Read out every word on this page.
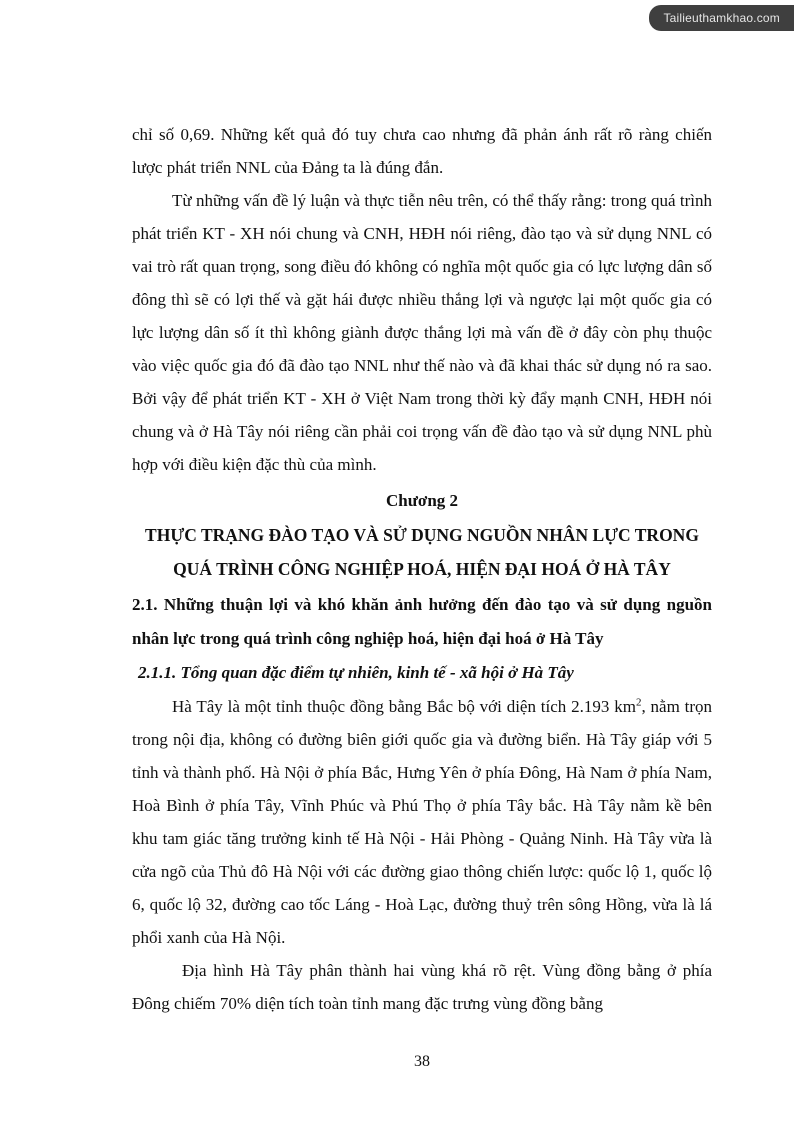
Tailieuthamkhao.com

chỉ số 0,69. Những kết quả đó tuy chưa cao nhưng đã phản ánh rất rõ ràng chiến lược phát triển NNL của Đảng ta là đúng đắn.

Từ những vấn đề lý luận và thực tiễn nêu trên, có thể thấy rằng: trong quá trình phát triển KT - XH nói chung và CNH, HĐH nói riêng, đào tạo và sử dụng NNL có vai trò rất quan trọng, song điều đó không có nghĩa một quốc gia có lực lượng dân số đông thì sẽ có lợi thế và gặt hái được nhiều thắng lợi và ngược lại một quốc gia có lực lượng dân số ít thì không giành được thắng lợi mà vấn đề ở đây còn phụ thuộc vào việc quốc gia đó đã đào tạo NNL như thế nào và đã khai thác sử dụng nó ra sao. Bởi vậy để phát triển KT - XH ở Việt Nam trong thời kỳ đẩy mạnh CNH, HĐH nói chung và ở Hà Tây nói riêng cần phải coi trọng vấn đề đào tạo và sử dụng NNL phù hợp với điều kiện đặc thù của mình.

Chương 2
THỰC TRẠNG ĐÀO TẠO VÀ SỬ DỤNG NGUỒN NHÂN LỰC TRONG QUÁ TRÌNH CÔNG NGHIỆP HOÁ, HIỆN ĐẠI HOÁ Ở HÀ TÂY
2.1. Những thuận lợi và khó khăn ảnh hưởng đến đào tạo và sử dụng nguồn nhân lực trong quá trình công nghiệp hoá, hiện đại hoá ở Hà Tây
2.1.1. Tổng quan đặc điểm tự nhiên, kinh tế - xã hội ở Hà Tây

Hà Tây là một tỉnh thuộc đồng bằng Bắc bộ với diện tích 2.193 $km^2$, nằm trọn trong nội địa, không có đường biên giới quốc gia và đường biển. Hà Tây giáp với 5 tỉnh và thành phố. Hà Nội ở phía Bắc, Hưng Yên ở phía Đông, Hà Nam ở phía Nam, Hoà Bình ở phía Tây, Vĩnh Phúc và Phú Thọ ở phía Tây bắc. Hà Tây nằm kề bên khu tam giác tăng trưởng kinh tế Hà Nội - Hải Phòng - Quảng Ninh. Hà Tây vừa là cửa ngõ của Thủ đô Hà Nội với các đường giao thông chiến lược: quốc lộ 1, quốc lộ 6, quốc lộ 32, đường cao tốc Láng - Hoà Lạc, đường thuỷ trên sông Hồng, vừa là lá phổi xanh của Hà Nội.

Địa hình Hà Tây phân thành hai vùng khá rõ rệt. Vùng đồng bằng ở phía Đông chiếm 70% diện tích toàn tỉnh mang đặc trưng vùng đồng bằng

38
